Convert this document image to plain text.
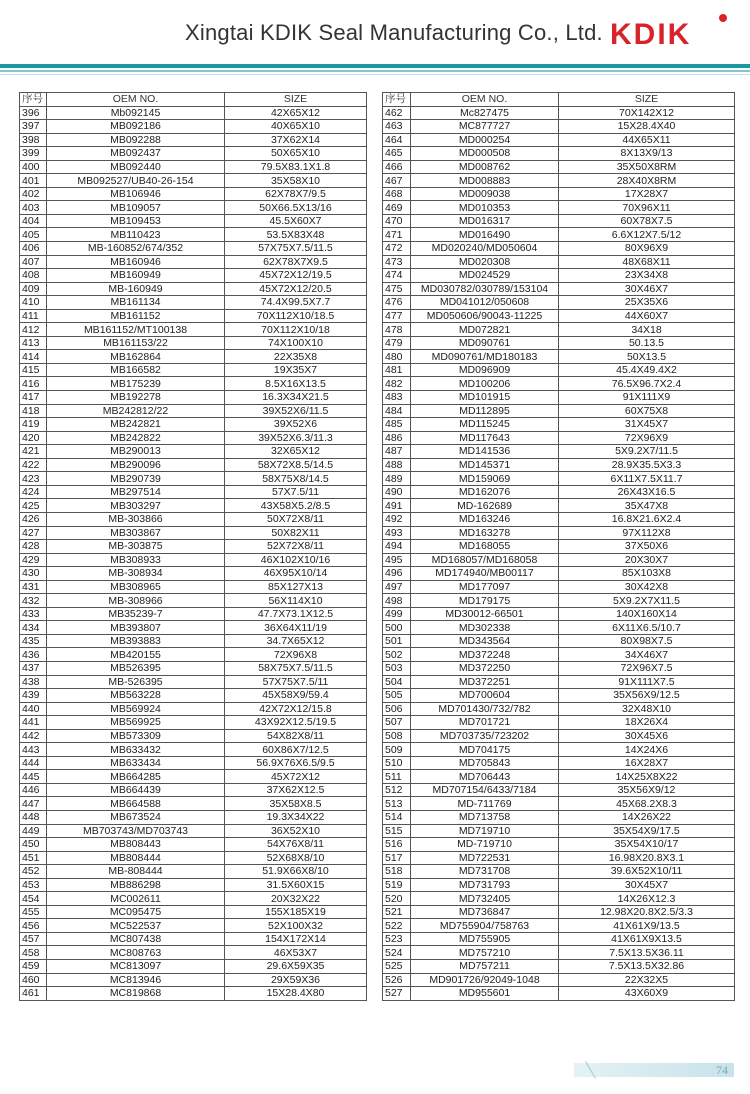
Xingtai KDIK Seal Manufacturing Co., Ltd. KDIK
序号	OEM NO.	SIZE
396	Mb092145	42X65X12
397	MB092186	40X65X10
398	MB092288	37X62X14
399	MB092437	50X65X10
400	MB092440	79.5X83.1X1.8
401	MB092527/UB40-26-154	35X58X10
402	MB106946	62X78X7/9.5
403	MB109057	50X66.5X13/16
404	MB109453	45.5X60X7
405	MB110423	53.5X83X48
406	MB-160852/674/352	57X75X7.5/11.5
407	MB160946	62X78X7X9.5
408	MB160949	45X72X12/19.5
409	MB-160949	45X72X12/20.5
410	MB161134	74.4X99.5X7.7
411	MB161152	70X112X10/18.5
412	MB161152/MT100138	70X112X10/18
413	MB161153/22	74X100X10
414	MB162864	22X35X8
415	MB166582	19X35X7
416	MB175239	8.5X16X13.5
417	MB192278	16.3X34X21.5
418	MB242812/22	39X52X6/11.5
419	MB242821	39X52X6
420	MB242822	39X52X6.3/11.3
421	MB290013	32X65X12
422	MB290096	58X72X8.5/14.5
423	MB290739	58X75X8/14.5
424	MB297514	57X7.5/11
425	MB303297	43X58X5.2/8.5
426	MB-303866	50X72X8/11
427	MB303867	50X82X11
428	MB-303875	52X72X8/11
429	MB308933	46X102X10/16
430	MB-308934	46X95X10/14
431	MB308965	85X127X13
432	MB-308966	56X114X10
433	MB35239-7	47.7X73.1X12.5
434	MB393807	36X64X11/19
435	MB393883	34.7X65X12
436	MB420155	72X96X8
437	MB526395	58X75X7.5/11.5
438	MB-526395	57X75X7.5/11
439	MB563228	45X58X9/59.4
440	MB569924	42X72X12/15.8
441	MB569925	43X92X12.5/19.5
442	MB573309	54X82X8/11
443	MB633432	60X86X7/12.5
444	MB633434	56.9X76X6.5/9.5
445	MB664285	45X72X12
446	MB664439	37X62X12.5
447	MB664588	35X58X8.5
448	MB673524	19.3X34X22
449	MB703743/MD703743	36X52X10
450	MB808443	54X76X8/11
451	MB808444	52X68X8/10
452	MB-808444	51.9X66X8/10
453	MB886298	31.5X60X15
454	MC002611	20X32X22
455	MC095475	155X185X19
456	MC522537	52X100X32
457	MC807438	154X172X14
458	MC808763	46X53X7
459	MC813097	29.6X59X35
460	MC813946	29X59X36
461	MC819868	15X28.4X80
序号	OEM NO.	SIZE
462	Mc827475	70X142X12
463	MC877727	15X28.4X40
464	MD000254	44X65X11
465	MD000508	8X13X9/13
466	MD008762	35X50X8RM
467	MD008883	28X40X8RM
468	MD009038	17X28X7
469	MD010353	70X96X11
470	MD016317	60X78X7.5
471	MD016490	6.6X12X7.5/12
472	MD020240/MD050604	80X96X9
473	MD020308	48X68X11
474	MD024529	23X34X8
475	MD030782/030789/153104	30X46X7
476	MD041012/050608	25X35X6
477	MD050606/90043-11225	44X60X7
478	MD072821	34X18
479	MD090761	50.13.5
480	MD090761/MD180183	50X13.5
481	MD096909	45.4X49.4X2
482	MD100206	76.5X96.7X2.4
483	MD101915	91X111X9
484	MD112895	60X75X8
485	MD115245	31X45X7
486	MD117643	72X96X9
487	MD141536	5X9.2X7/11.5
488	MD145371	28.9X35.5X3.3
489	MD159069	6X11X7.5X11.7
490	MD162076	26X43X16.5
491	MD-162689	35X47X8
492	MD163246	16.8X21.6X2.4
493	MD163278	97X112X8
494	MD168055	37X50X6
495	MD168057/MD168058	20X30X7
496	MD174940/MB00117	85X103X8
497	MD177097	30X42X8
498	MD179175	5X9.2X7X11.5
499	MD30012-66501	140X160X14
500	MD302338	6X11X6.5/10.7
501	MD343564	80X98X7.5
502	MD372248	34X46X7
503	MD372250	72X96X7.5
504	MD372251	91X111X7.5
505	MD700604	35X56X9/12.5
506	MD701430/732/782	32X48X10
507	MD701721	18X26X4
508	MD703735/723202	30X45X6
509	MD704175	14X24X6
510	MD705843	16X28X7
511	MD706443	14X25X8X22
512	MD707154/6433/7184	35X56X9/12
513	MD-711769	45X68.2X8.3
514	MD713758	14X26X22
515	MD719710	35X54X9/17.5
516	MD-719710	35X54X10/17
517	MD722531	16.98X20.8X3.1
518	MD731708	39.6X52X10/11
519	MD731793	30X45X7
520	MD732405	14X26X12.3
521	MD736847	12.98X20.8X2.5/3.3
522	MD755904/758763	41X61X9/13.5
523	MD755905	41X61X9X13.5
524	MD757210	7.5X13.5X36.11
525	MD757211	7.5X13.5X32.86
526	MD901726/92049-1048	22X32X5
527	MD955601	43X60X9
74
